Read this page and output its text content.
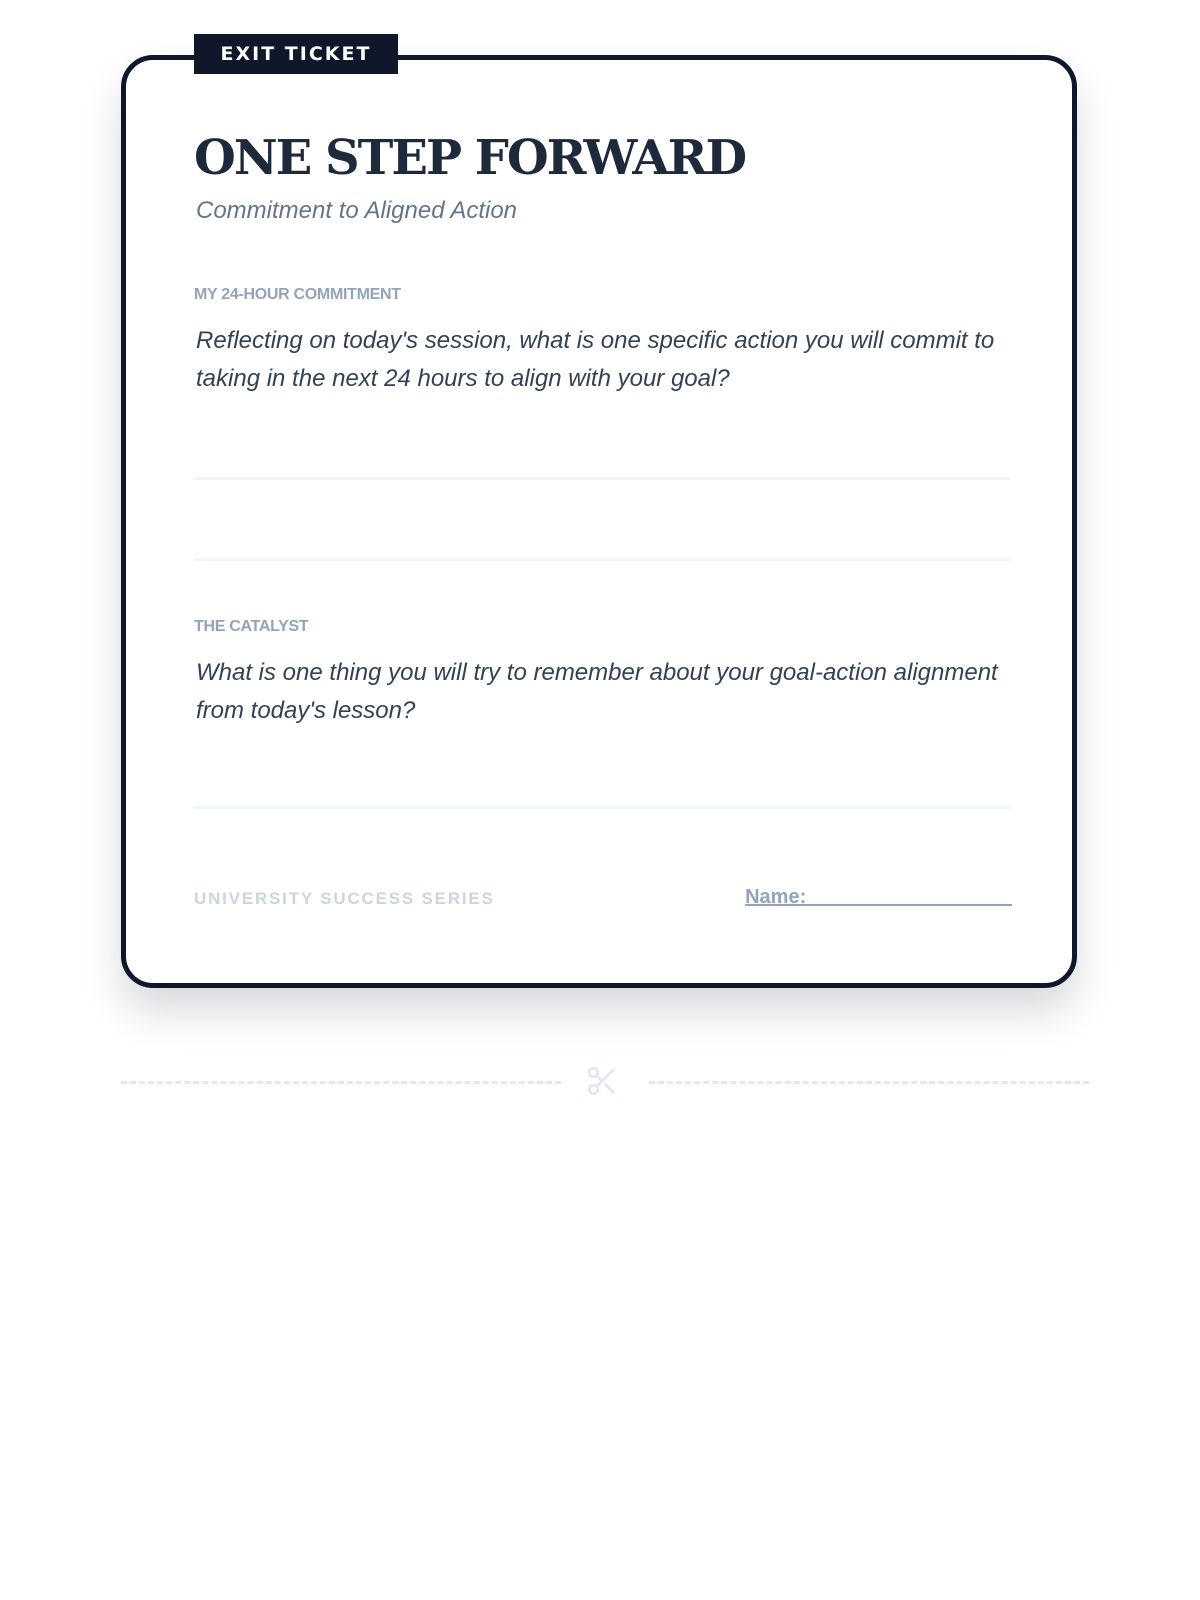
EXIT TICKET
ONE STEP FORWARD
Commitment to Aligned Action
MY 24-HOUR COMMITMENT
Reflecting on today's session, what is one specific action you will commit to taking in the next 24 hours to align with your goal?
THE CATALYST
What is one thing you will try to remember about your goal-action alignment from today's lesson?
UNIVERSITY SUCCESS SERIES	Name: __________________
